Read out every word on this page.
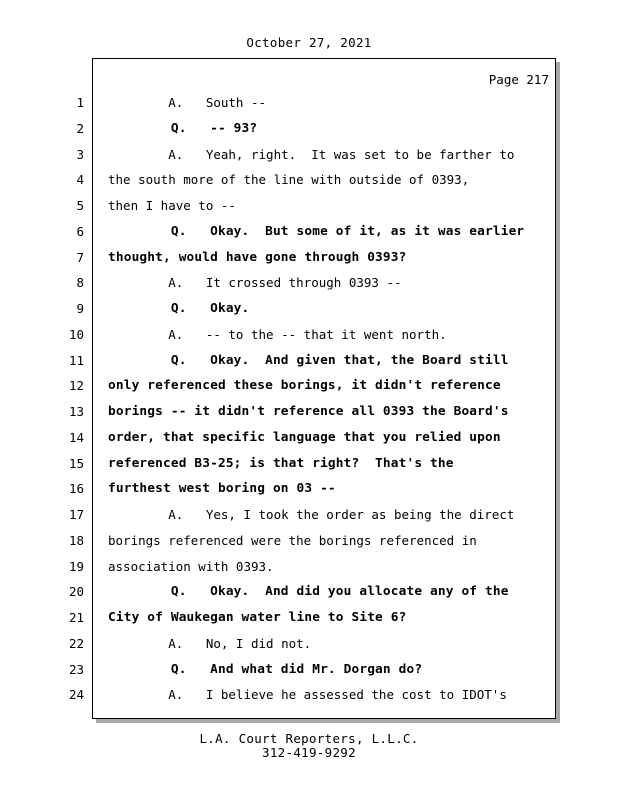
October 27, 2021
Page 217
1 A.   South --
2 Q.   -- 93?
3 A.   Yeah, right.  It was set to be farther to
4 the south more of the line with outside of 0393,
5 then I have to --
6 Q.   Okay.  But some of it, as it was earlier
7 thought, would have gone through 0393?
8 A.   It crossed through 0393 --
9 Q.   Okay.
10 A.   -- to the -- that it went north.
11 Q.   Okay.  And given that, the Board still
12 only referenced these borings, it didn't reference
13 borings -- it didn't reference all 0393 the Board's
14 order, that specific language that you relied upon
15 referenced B3-25; is that right?  That's the
16 furthest west boring on 03 --
17 A.   Yes, I took the order as being the direct
18 borings referenced were the borings referenced in
19 association with 0393.
20 Q.   Okay.  And did you allocate any of the
21 City of Waukegan water line to Site 6?
22 A.   No, I did not.
23 Q.   And what did Mr. Dorgan do?
24 A.   I believe he assessed the cost to IDOT's
L.A. Court Reporters, L.L.C.
312-419-9292
